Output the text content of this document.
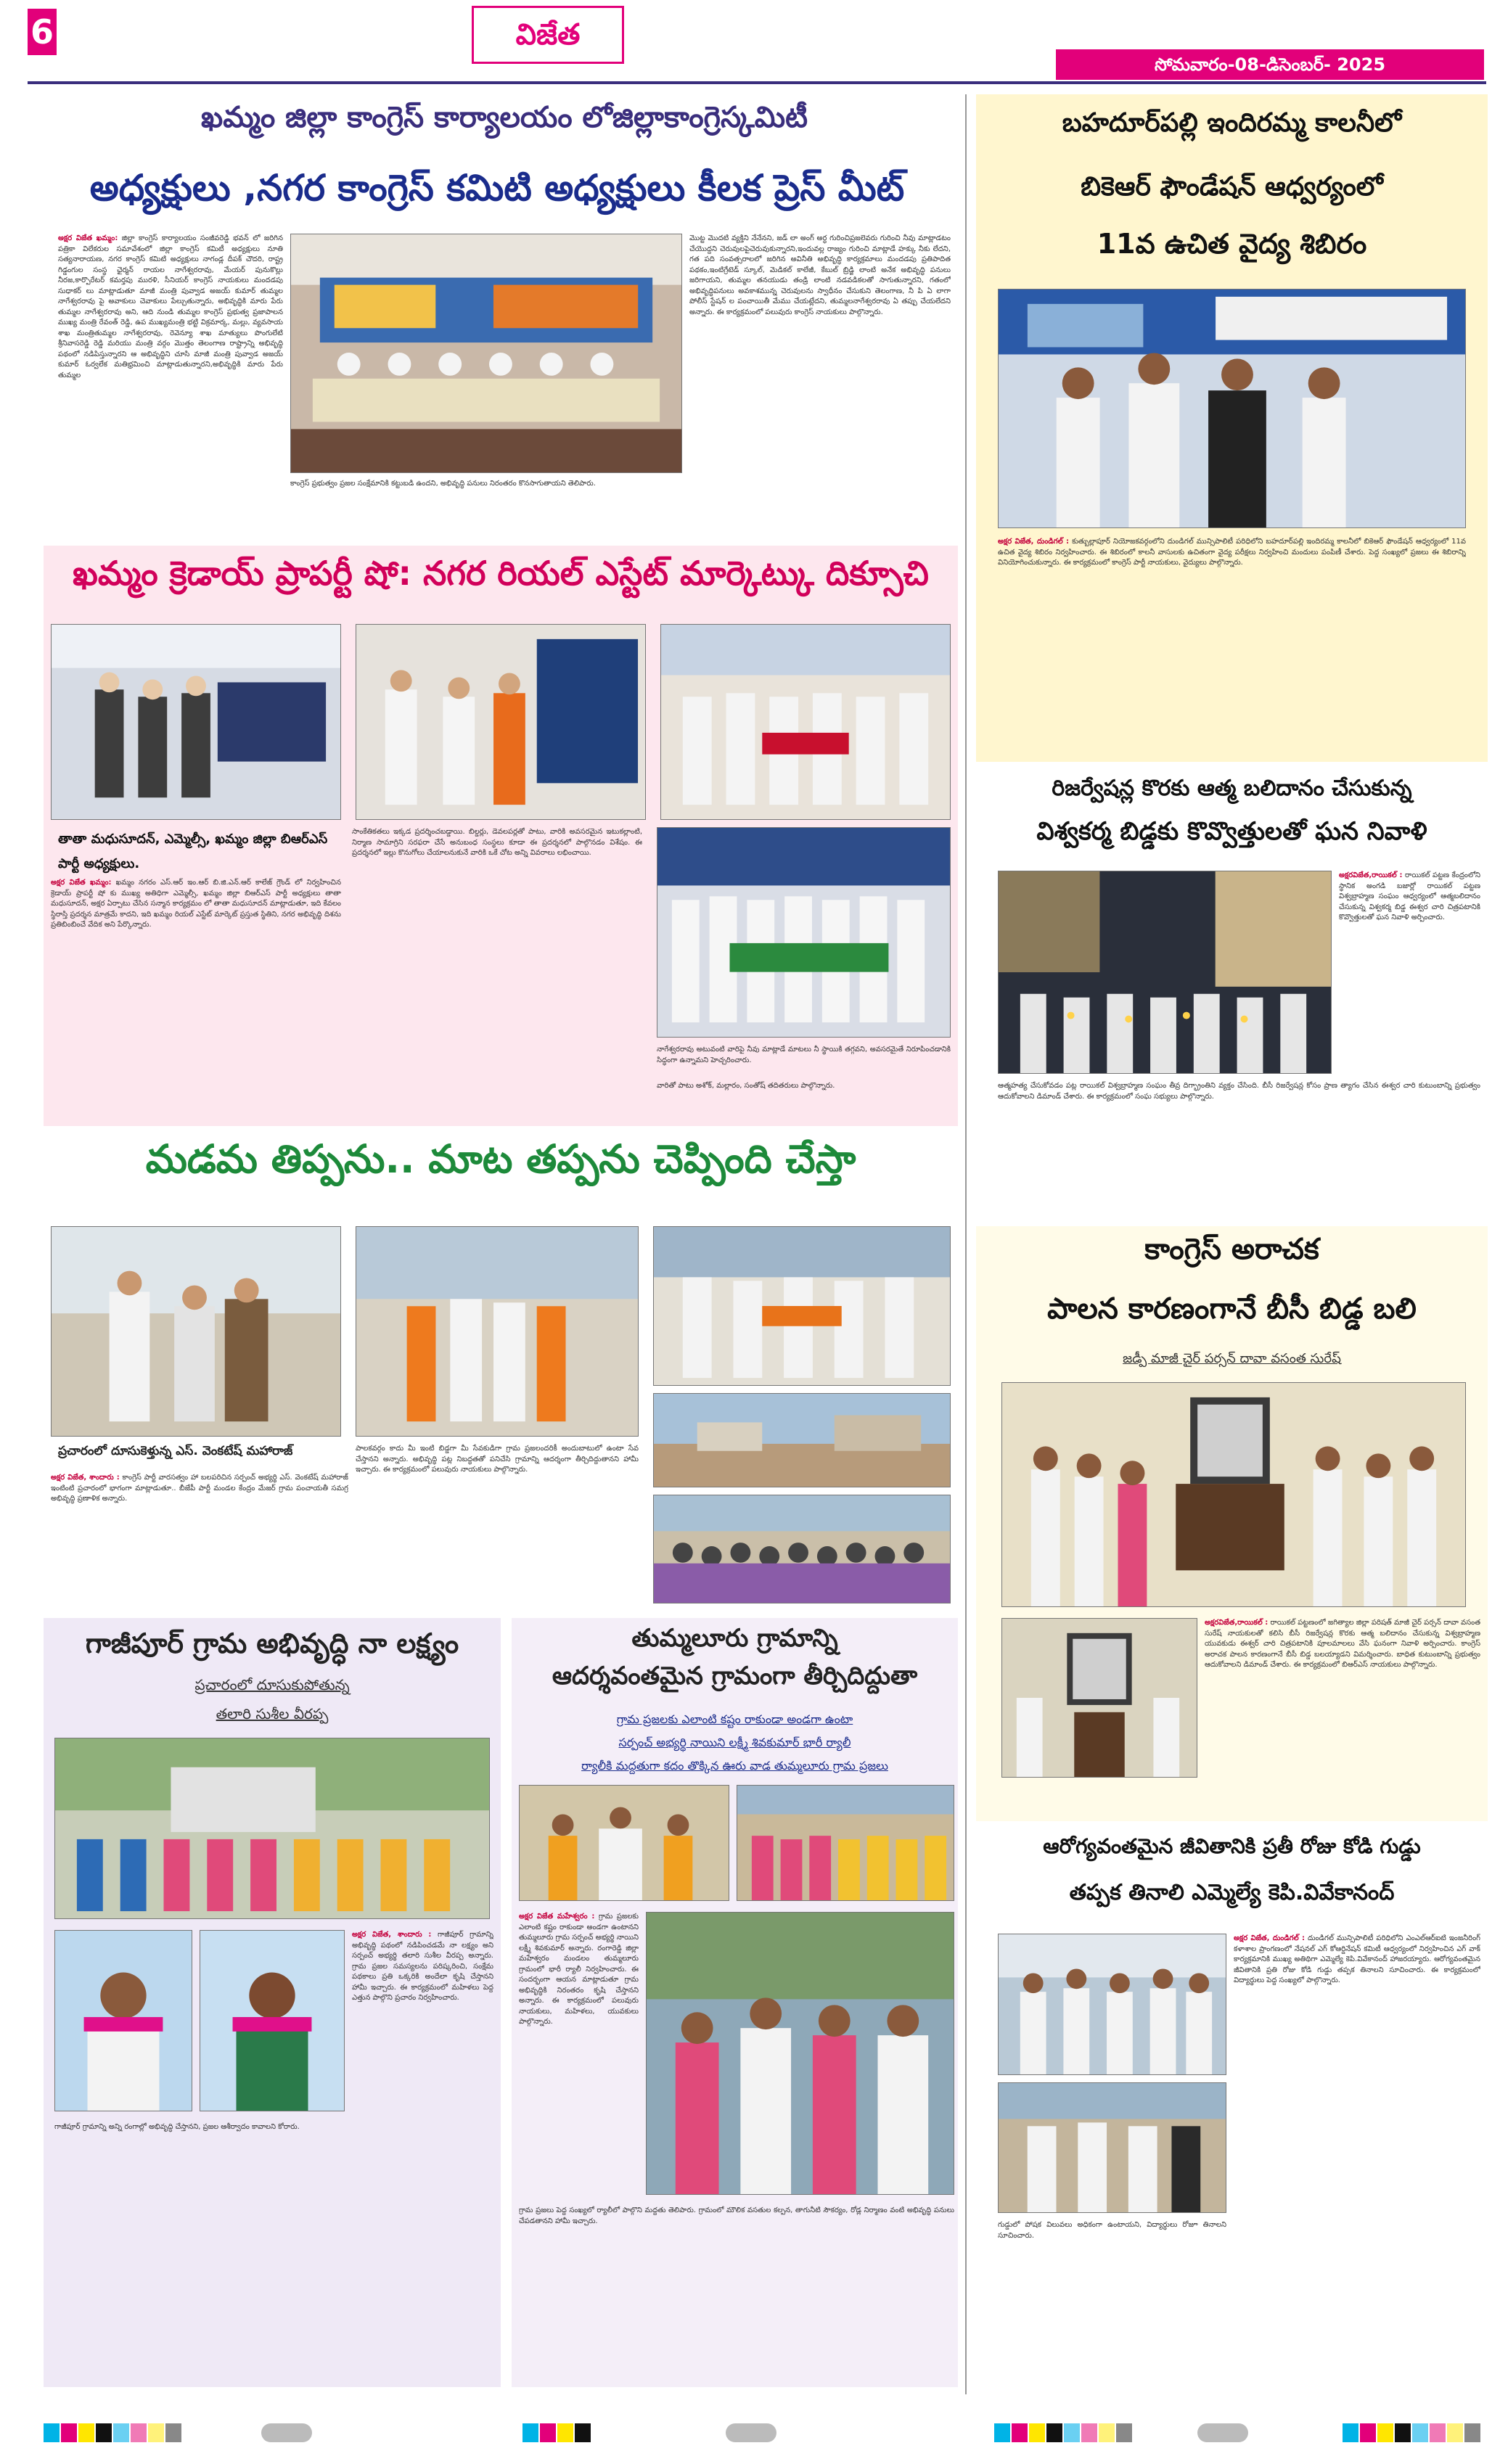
6	విజేత
సోమవారం-08-డిసెంబర్- 2025
ఖమ్మం జిల్లా కాంగ్రెస్ కార్యాలయం లోజిల్లాకాంగ్రెస్కమిటీ
అధ్యక్షులు ,నగర కాంగ్రెస్ కమిటి అధ్యక్షులు కీలక ప్రెస్ మీట్
అక్షర విజేత ఖమ్మం: జిల్లా కాంగ్రెస్ కార్యాలయం సంజీవరెడ్డి భవన్ లో జరిగిన పత్రికా విలేకరుల సమావేశంలో జిల్లా కాంగ్రెస్ కమిటీ అధ్యక్షులు నూతి సత్యనారాయణ, నగర కాంగ్రెస్ కమిటి అధ్యక్షులు నాగండ్ల దీపక్ చౌదరి, రాష్ట్ర గిడ్డంగుల సంస్థ ఛైర్మన్ రాయల నాగేశ్వరరావు, మేయర్ పునుకొల్లు నీరజ,కార్పొరేటర్ కమర్తపు మురళి, సీనియర్ కాంగ్రెస్ నాయకులు మందడపు సుధాకర్ లు మాట్లాడుతూ మాజీ మంత్రి పువ్వాడ అజయ్ కుమార్ తుమ్మల నాగేశ్వరరావు పై అవాకులు చెవాకులు పేల్చుతున్నారు, అభివృద్ధికి మారు పేరు తుమ్మల నాగేశ్వరరావు అని, ఆది నుండి తుమ్మల కాంగ్రెస్ ప్రభుత్వ ప్రజాపాలన ముఖ్య మంత్రి రేవంత్ రెడ్డి, ఉప ముఖ్యమంత్రి భట్టి విక్రమార్క, మల్లు, వ్యవసాయ శాఖ మంత్రితుమ్మల నాగేశ్వరరావు, రెవెన్యూ శాఖ మాత్యులు పొంగులేటి శ్రీనివాసరెడ్డి రెడ్డి మరియు మంత్రి వర్గం మొత్తం తెలంగాణ రాష్ట్రాన్ని అభివృద్ధి పథంలో నడిపిస్తున్నారని ఆ అభివృద్ధిని చూసి మాజీ మంత్రి పువ్వాడ అజయ్ కుమార్ ఓర్వలేక మతిభ్రమించి మాట్లాడుతున్నారని,అభివృద్ధికి మారు పేరు తుమ్మల
మొట్ట మొదటి వ్యక్తిని నేనేనని, జడ్ లా అంగ్ అర్ధ గురించిప్రజలెవరు గురించి నీవు మాట్లాడటం చేయొద్దని చెరువులపైచెరువుకున్నారని,ఇందువల్ల రాజ్యం గురించి మాట్లాడే హక్కు నీకు లేదని, గత పది సంవత్సరాలలో జరిగిన అవినీతి అభివృద్ధి కార్యక్రమాలు మందడపు ప్రతిపాదిత పథకం,ఇంటిగ్రేటెడ్ స్కూల్, మెడికల్ కాలేజీ, కేబుల్ బ్రిడ్జి లాంటి అనేక అభివృద్ధి పనులు జరిగాయని, తుమ్మల తనయుడు తండ్రి లాంటి నడవడికలతో సాగుతున్నారని, గతంలో అభివృద్ధిపనులు అవకాశమున్న చెరువులను స్వాధీనం చేసుకుని తెలంగాణ, నీ పి ఏ లాగా పోలీస్ స్టేషన్ ల పంచాయితీ మేము చేయట్లేదని, తుమ్మలనాగేశ్వరరావు ఏ తప్పు చేయలేదని అన్నారు. ఈ కార్యక్రమంలో పలువురు కాంగ్రెస్ నాయకులు పాల్గొన్నారు.
కాంగ్రెస్ ప్రభుత్వం ప్రజల సంక్షేమానికి కట్టుబడి ఉందని, అభివృద్ధి పనులు నిరంతరం కొనసాగుతాయని తెలిపారు.
ఖమ్మం క్రెడాయ్ ప్రాపర్టీ షో: నగర రియల్ ఎస్టేట్ మార్కెట్కు దిక్సూచి
తాతా మధుసూదన్, ఎమ్మెల్సీ, ఖమ్మం జిల్లా బిఆర్ఎస్ పార్టీ అధ్యక్షులు.
అక్షర విజేత ఖమ్మం: ఖమ్మం నగరం ఎస్.ఆర్ ఇం.ఆర్ బి.జి.ఎన్.ఆర్ కాలేజ్ గ్రౌండ్ లో నిర్వహించిన క్రెడాయ్ ప్రాపర్టీ షో కు ముఖ్య అతిధిగా ఎమ్మెల్సీ, ఖమ్మం జిల్లా బిఆర్ఎస్ పార్టీ అధ్యక్షులు తాతా మధుసూదన్, అక్షర ఏర్పాటు చేసిన సన్మాన కార్యక్రమం లో తాతా మధుసూదన్ మాట్లాడుతూ, ఇది కేవలం స్థిరాస్తి ప్రదర్శన మాత్రమే కాదని, ఇది ఖమ్మం రియల్ ఎస్టేట్ మార్కెట్ ప్రస్తుత స్థితిని, నగర అభివృద్ధి దిశను ప్రతిబింబించే వేదిక అని పేర్కొన్నారు.
సాంకేతికతలు ఇక్కడ ప్రదర్శించబడ్డాయి. బిల్డర్లు, డెవలపర్లతో పాటు, వారికి అవసరమైన ఇటుకల్లాంటి, నిర్మాణ సామాగ్రిని సరఫరా చేసే అనుబంధ సంస్థలు కూడా ఈ ప్రదర్శనలో పాల్గొనడం విశేషం. ఈ ప్రదర్శనలో ఇల్లు కొనుగోలు చేయాలనుకునే వారికి ఒకే చోట అన్ని వివరాలు లభించాయి.
నాగేశ్వరరావు అటువంటి వారిపై నీవు మాట్లాడే మాటలు నీ స్థాయికి తగ్గవని, అవసరమైతే నిరూపించడానికి సిద్ధంగా ఉన్నామని హెచ్చరించారు.
వారితో పాటు అశోక్, మల్లారం, సంతోష్ తదితరులు పాల్గొన్నారు.
మడమ తిప్పను.. మాట తప్పను చెప్పింది చేస్తా
ప్రచారంలో దూసుకెళ్తున్న ఎస్. వెంకటేష్ మహారాజ్
అక్షర విజేత, శాందారు : కాంగ్రెస్ పార్టీ వారసత్వం హా బలపరిచిన సర్పంచ్ అభ్యర్థి ఎస్. వెంకటేష్ మహారాజ్ ఇంటింటి ప్రచారంలో భాగంగా మాట్లాడుతూ.. బీజేపీ పార్టీ మండల కేంద్రం మేజర్ గ్రామ పంచాయతీ సమగ్ర అభివృద్ధి ప్రణాళిక అన్నారు.
పాలకవర్గం కాదు మీ ఇంటి బిడ్డగా మీ సేవకుడిగా గ్రామ ప్రజలందరికీ అందుబాటులో ఉంటా సేవ చేస్తానని అన్నారు. అభివృద్ధి పట్ల నిబద్ధతతో పనిచేసి గ్రామాన్ని ఆదర్శంగా తీర్చిదిద్దుతానని హామీ ఇచ్చారు. ఈ కార్యక్రమంలో పలువురు నాయకులు పాల్గొన్నారు.
గాజీపూర్ గ్రామ అభివృద్ధి నా లక్ష్యం
ప్రచారంలో దూసుకుపోతున్న
తలారి సుశీల వీరప్ప
అక్షర విజేత, శాందారు : గాజీపూర్ గ్రామాన్ని అభివృద్ధి పథంలో నడిపించడమే నా లక్ష్యం అని సర్పంచ్ అభ్యర్థి తలారి సుశీల వీరప్ప అన్నారు. గ్రామ ప్రజల సమస్యలను పరిష్కరించి, సంక్షేమ పథకాలు ప్రతి ఒక్కరికి అందేలా కృషి చేస్తానని హామీ ఇచ్చారు. ఈ కార్యక్రమంలో మహిళలు పెద్ద ఎత్తున పాల్గొని ప్రచారం నిర్వహించారు.
గాజీపూర్ గ్రామాన్ని అన్ని రంగాల్లో అభివృద్ధి చేస్తానని, ప్రజల ఆశీర్వాదం కావాలని కోరారు.
తుమ్మలూరు గ్రామాన్ని
ఆదర్శవంతమైన గ్రామంగా తీర్చిదిద్దుతా
గ్రామ ప్రజలకు ఎలాంటి కష్టం రాకుండా అండగా ఉంటా
సర్పంచ్ అభ్యర్థి నాయిని లక్ష్మీ శివకుమార్ భారీ ర్యాలీ
ర్యాలీకి మద్దతుగా కదం తొక్కిన ఊరు వాడ తుమ్మలూరు గ్రామ ప్రజలు
అక్షర విజేత మహేశ్వరం : గ్రామ ప్రజలకు ఎలాంటి కష్టం రాకుండా అండగా ఉంటానని తుమ్మలూరు గ్రామ సర్పంచ్ అభ్యర్థి నాయిని లక్ష్మీ శివకుమార్ అన్నారు. రంగారెడ్డి జిల్లా మహేశ్వరం మండలం తుమ్మలూరు గ్రామంలో భారీ ర్యాలీ నిర్వహించారు. ఈ సందర్భంగా ఆయన మాట్లాడుతూ గ్రామ అభివృద్ధికి నిరంతరం కృషి చేస్తానని అన్నారు. ఈ కార్యక్రమంలో పలువురు నాయకులు, మహిళలు, యువకులు పాల్గొన్నారు.
గ్రామ ప్రజలు పెద్ద సంఖ్యలో ర్యాలీలో పాల్గొని మద్దతు తెలిపారు. గ్రామంలో మౌలిక వసతుల కల్పన, తాగునీటి సౌకర్యం, రోడ్ల నిర్మాణం వంటి అభివృద్ధి పనులు చేపడతానని హామీ ఇచ్చారు.
బహదూర్‌పల్లి ఇందిరమ్మ కాలనీలో
బికెఆర్ ఫౌండేషన్ ఆధ్వర్యంలో
11వ ఉచిత వైద్య శిబిరం
అక్షర విజేత, దుండిగల్ : కుత్బుల్లాపూర్ నియోజకవర్గంలోని దుండిగల్ మున్సిపాలిటీ పరిధిలోని బహదూర్‌పల్లి ఇందిరమ్మ కాలనీలో బికెఆర్ ఫౌండేషన్ ఆధ్వర్యంలో 11వ ఉచిత వైద్య శిబిరం నిర్వహించారు. ఈ శిబిరంలో కాలనీ వాసులకు ఉచితంగా వైద్య పరీక్షలు నిర్వహించి మందులు పంపిణీ చేశారు. పెద్ద సంఖ్యలో ప్రజలు ఈ శిబిరాన్ని వినియోగించుకున్నారు. ఈ కార్యక్రమంలో కాంగ్రెస్ పార్టీ నాయకులు, వైద్యులు పాల్గొన్నారు.
రిజర్వేషన్ల కొరకు ఆత్మ బలిదానం చేసుకున్న
విశ్వకర్మ బిడ్డకు కొవ్వొత్తులతో ఘన నివాళి
అక్షరవిజేత,రాయికల్ : రాయికల్ పట్టణ కేంద్రంలోని స్థానిక అంగడి బజార్లో రాయికల్ పట్టణ విశ్వబ్రాహ్మణ సంఘం ఆధ్వర్యంలో ఆత్మబలిదానం చేసుకున్న విశ్వకర్మ బిడ్డ ఈశ్వర చారి చిత్రపటానికి కొవ్వొత్తులతో ఘన నివాళి అర్పించారు.
ఆత్మహత్య చేసుకోవడం పట్ల రాయికల్ విశ్వబ్రాహ్మణ సంఘం తీవ్ర దిగ్భ్రాంతిని వ్యక్తం చేసింది. బీసీ రిజర్వేషన్ల కోసం ప్రాణ త్యాగం చేసిన ఈశ్వర చారి కుటుంబాన్ని ప్రభుత్వం ఆదుకోవాలని డిమాండ్ చేశారు. ఈ కార్యక్రమంలో సంఘ సభ్యులు పాల్గొన్నారు.
కాంగ్రెస్ అరాచక
పాలన కారణంగానే బీసీ బిడ్డ బలి
జడ్పీ మాజీ చైర్ పర్సన్ దావా వసంత సురేష్
అక్షరవిజేత,రాయికల్ : రాయికల్ పట్టణంలో జగిత్యాల జిల్లా పరిషత్ మాజీ చైర్ పర్సన్ దావా వసంత సురేష్ నాయకులతో కలిసి బీసీ రిజర్వేషన్ల కొరకు ఆత్మ బలిదానం చేసుకున్న విశ్వబ్రాహ్మణ యువకుడు ఈశ్వర్ చారి చిత్రపటానికి పూలమాలలు వేసి ఘనంగా నివాళి అర్పించారు. కాంగ్రెస్ అరాచక పాలన కారణంగానే బీసీ బిడ్డ బలయ్యాడని విమర్శించారు. బాధిత కుటుంబాన్ని ప్రభుత్వం ఆదుకోవాలని డిమాండ్ చేశారు. ఈ కార్యక్రమంలో బిఆర్ఎస్ నాయకులు పాల్గొన్నారు.
ఆరోగ్యవంతమైన జీవితానికి ప్రతీ రోజు కోడి గుడ్డు
తప్పక తినాలి ఎమ్మెల్యే కెపి.వివేకానంద్
అక్షర విజేత, దుండిగల్ : దుండిగల్ మున్సిపాలిటీ పరిధిలోని ఎంఎల్ఆర్ఐటి ఇంజనీరింగ్ కళాశాల ప్రాంగణంలో నేషనల్ ఎగ్ కోఆర్డినేషన్ కమిటీ ఆధ్వర్యంలో నిర్వహించిన ఎగ్ వాక్ కార్యక్రమానికి ముఖ్య అతిథిగా ఎమ్మెల్యే కెపి.వివేకానంద్ హాజరయ్యారు. ఆరోగ్యవంతమైన జీవితానికి ప్రతి రోజు కోడి గుడ్డు తప్పక తినాలని సూచించారు. ఈ కార్యక్రమంలో విద్యార్థులు పెద్ద సంఖ్యలో పాల్గొన్నారు.
గుడ్డులో పోషక విలువలు అధికంగా ఉంటాయని, విద్యార్థులు రోజూ తినాలని సూచించారు.
